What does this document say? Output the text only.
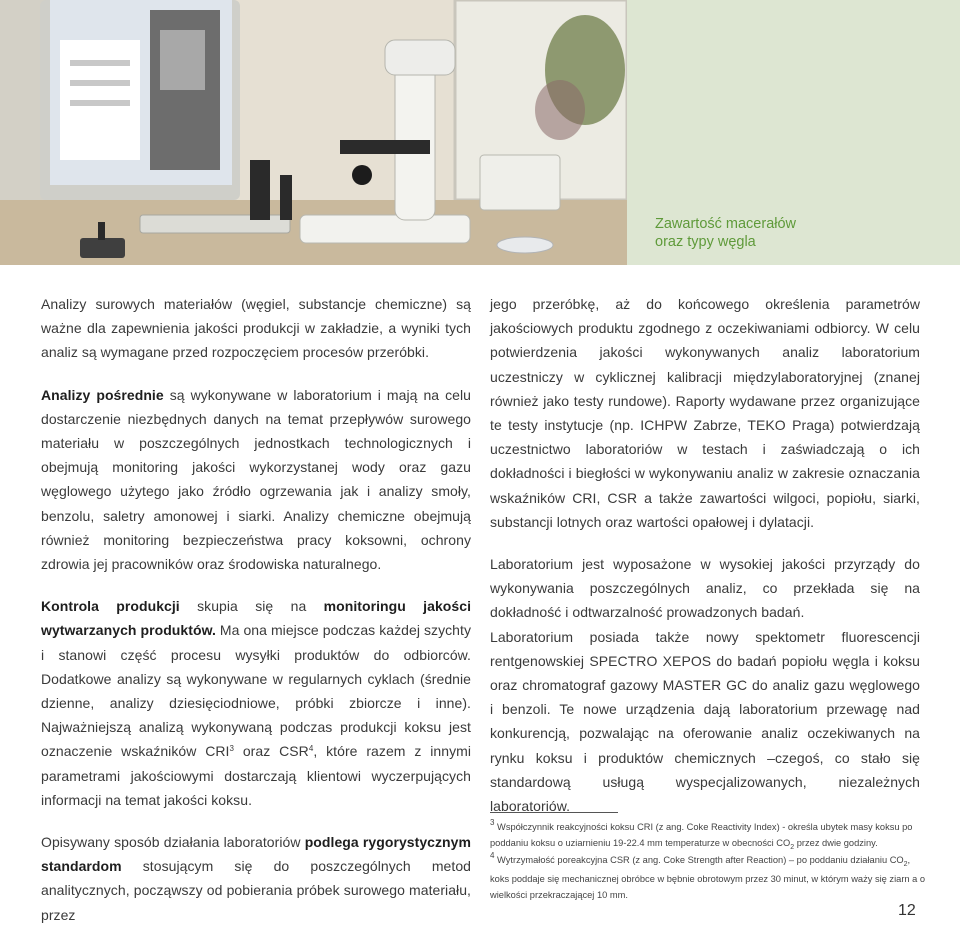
Zawartość macerałów
oraz typy węgla

Analizy surowych materiałów (węgiel, substancje chemiczne) są ważne dla zapewnienia jakości produkcji w zakładzie, a wyniki tych analiz są wymagane przed rozpoczęciem procesów przeróbki.

Analizy pośrednie są wykonywane w laboratorium i mają na celu dostarczenie niezbędnych danych na temat przepływów surowego materiału w poszczególnych jednostkach technologicznych i obejmują monitoring jakości wykorzystanej wody oraz gazu węglowego użytego jako źródło ogrzewania jak i analizy smoły, benzolu, saletry amonowej i siarki. Analizy chemiczne obejmują również monitoring bezpieczeństwa pracy koksowni, ochrony zdrowia jej pracowników oraz środowiska naturalnego.

Kontrola produkcji skupia się na monitoringu jakości wytwarzanych produktów. Ma ona miejsce podczas każdej szychty i stanowi część procesu wysyłki produktów do odbiorców. Dodatkowe analizy są wykonywane w regularnych cyklach (średnie dzienne, analizy dziesięciodniowe, próbki zbiorcze i inne). Najważniejszą analizą wykonywaną podczas produkcji koksu jest oznaczenie wskaźników CRI$^3$ oraz CSR$^4$, które razem z innymi parametrami jakościowymi dostarczają klientowi wyczerpujących informacji na temat jakości koksu.

Opisywany sposób działania laboratoriów podlega rygorystycznym standardom stosującym się do poszczególnych metod analitycznych, począwszy od pobierania próbek surowego materiału, przez

jego przeróbkę, aż do końcowego określenia parametrów jakościowych produktu zgodnego z oczekiwaniami odbiorcy. W celu potwierdzenia jakości wykonywanych analiz laboratorium uczestniczy w cyklicznej kalibracji międzylaboratoryjnej (znanej również jako testy rundowe). Raporty wydawane przez organizujące te testy instytucje (np. ICHPW Zabrze, TEKO Praga) potwierdzają uczestnictwo laboratoriów w testach i zaświadczają o ich dokładności i biegłości w wykonywaniu analiz w zakresie oznaczania wskaźników CRI, CSR a także zawartości wilgoci, popiołu, siarki, substancji lotnych oraz wartości opałowej i dylatacji.

Laboratorium jest wyposażone w wysokiej jakości przyrządy do wykonywania poszczególnych analiz, co przekłada się na dokładność i odtwarzalność prowadzonych badań.

Laboratorium posiada także nowy spektometr fluorescencji rentgenowskiej SPECTRO XEPOS do badań popiołu węgla i koksu oraz chromatograf gazowy MASTER GC do analiz gazu węglowego i benzoli. Te nowe urządzenia dają laboratorium przewagę nad konkurencją, pozwalając na oferowanie analiz oczekiwanych na rynku koksu i produktów chemicznych –czegoś, co stało się standardową usługą wyspecjalizowanych, niezależnych laboratoriów.

$^3$ Współczynnik reakcyjności koksu CRI (z ang. Coke Reactivity Index) - określa ubytek masy koksu po poddaniu koksu o uziarnieniu 19-22.4 mm temperaturze w obecności $CO_2$ przez dwie godziny.
$^4$ Wytrzymałość poreakcyjna CSR (z ang. Coke Strength after Reaction) – po poddaniu działaniu $CO_2$, koks poddaje się mechanicznej obróbce w bębnie obrotowym przez 30 minut, w którym waży się ziarn a o wielkości przekraczającej 10 mm.
12
